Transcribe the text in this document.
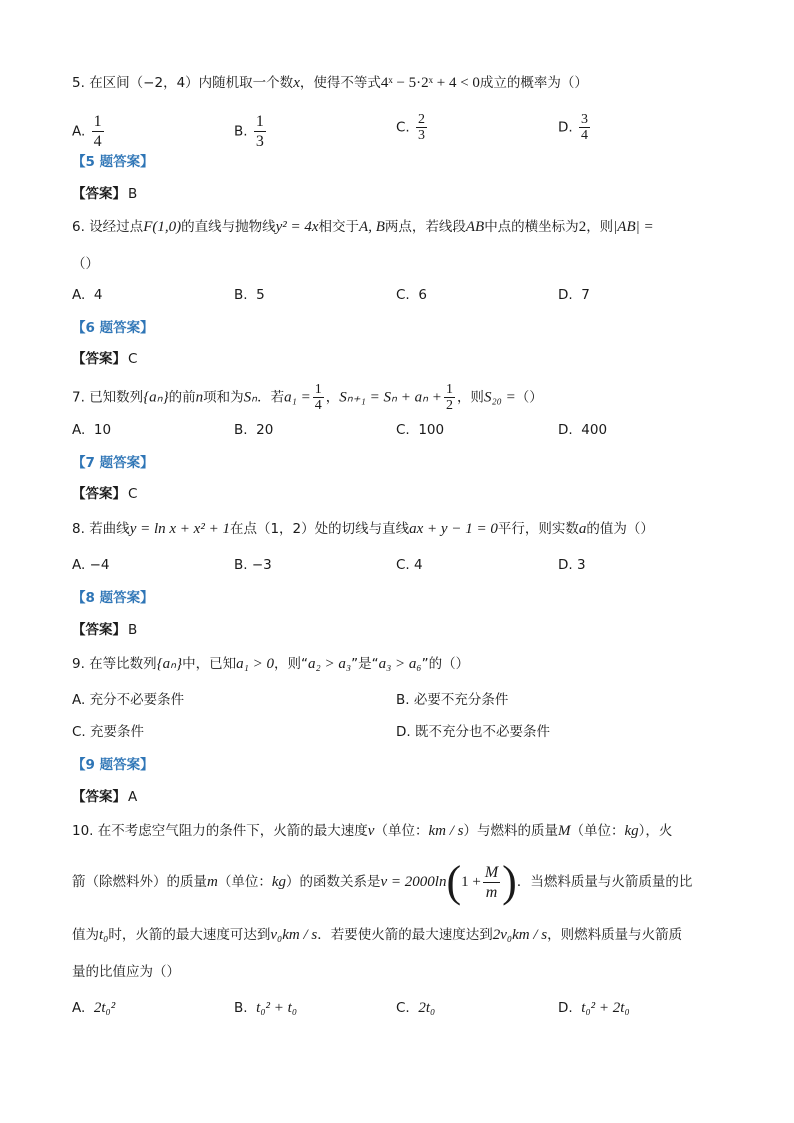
5. 在区间（−2，4）内随机取一个数x，使得不等式4ˣ − 5·2ˣ + 4 < 0成立的概率为（）
A. $\frac{1}{4}$	B. $\frac{1}{3}$	C. $\frac{2}{3}$	D. $\frac{3}{4}$
【5 题答案】
【答案】 B
6. 设经过点F(1,0)的直线与抛物线y² = 4x相交于A, B两点，若线段AB中点的横坐标为2，则|AB| =
（）
A. 4	B. 5	C. 6	D. 7
【6 题答案】
【答案】 C
7. 已知数列{aₙ}的前n项和为Sₙ．若$a_1 = \frac{1}{4}$ ，$S_{n+1} = S_n + a_n + \frac{1}{2}$ ，则S₂₀ =（）
A. 10	B. 20	C. 100	D. 400
【7 题答案】
【答案】 C
8. 若曲线y = ln x + x² + 1在点（1，2）处的切线与直线ax + y − 1 = 0平行，则实数a的值为（）
A. −4	B. −3	C. 4	D. 3
【8 题答案】
【答案】 B
9. 在等比数列{aₙ}中，已知a₁ > 0，则“a₂ > a₃”是“a₃ > a₆”的（）
A. 充分不必要条件	B. 必要不充分条件
C. 充要条件	D. 既不充分也不必要条件
【9 题答案】
【答案】 A
10. 在不考虑空气阻力的条件下，火箭的最大速度v（单位：km / s）与燃料的质量M（单位：kg），火
箭（除燃料外）的质量m（单位：kg）的函数关系是$v = 2000\ln(1 + \frac{M}{m}$ )．当燃料质量与火箭质量的比
值为t₀时，火箭的最大速度可达到v₀km / s．若要使火箭的最大速度达到2v₀km / s，则燃料质量与火箭质
量的比值应为（）
A. 2t₀²	B. t₀² + t₀	C. 2t₀	D. t₀² + 2t₀
